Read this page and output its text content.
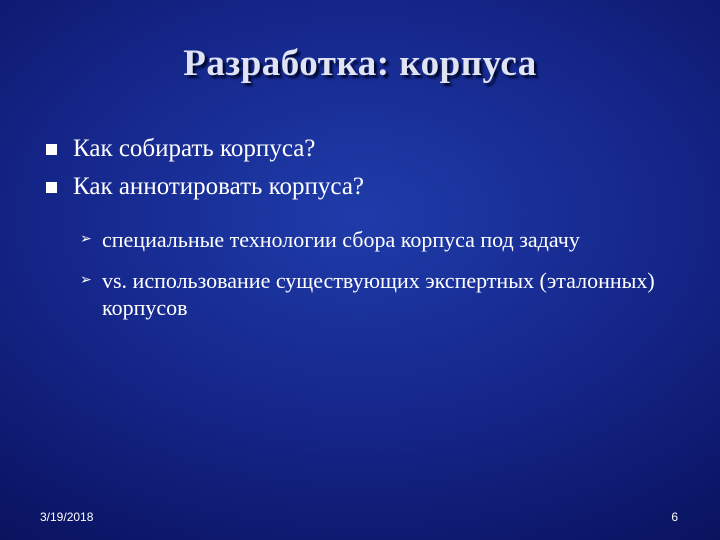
Разработка: корпуса
Как собирать корпуса?
Как аннотировать корпуса?
➢ специальные технологии сбора корпуса под задачу
➢ vs. использование существующих экспертных (эталонных) корпусов
3/19/2018	6
